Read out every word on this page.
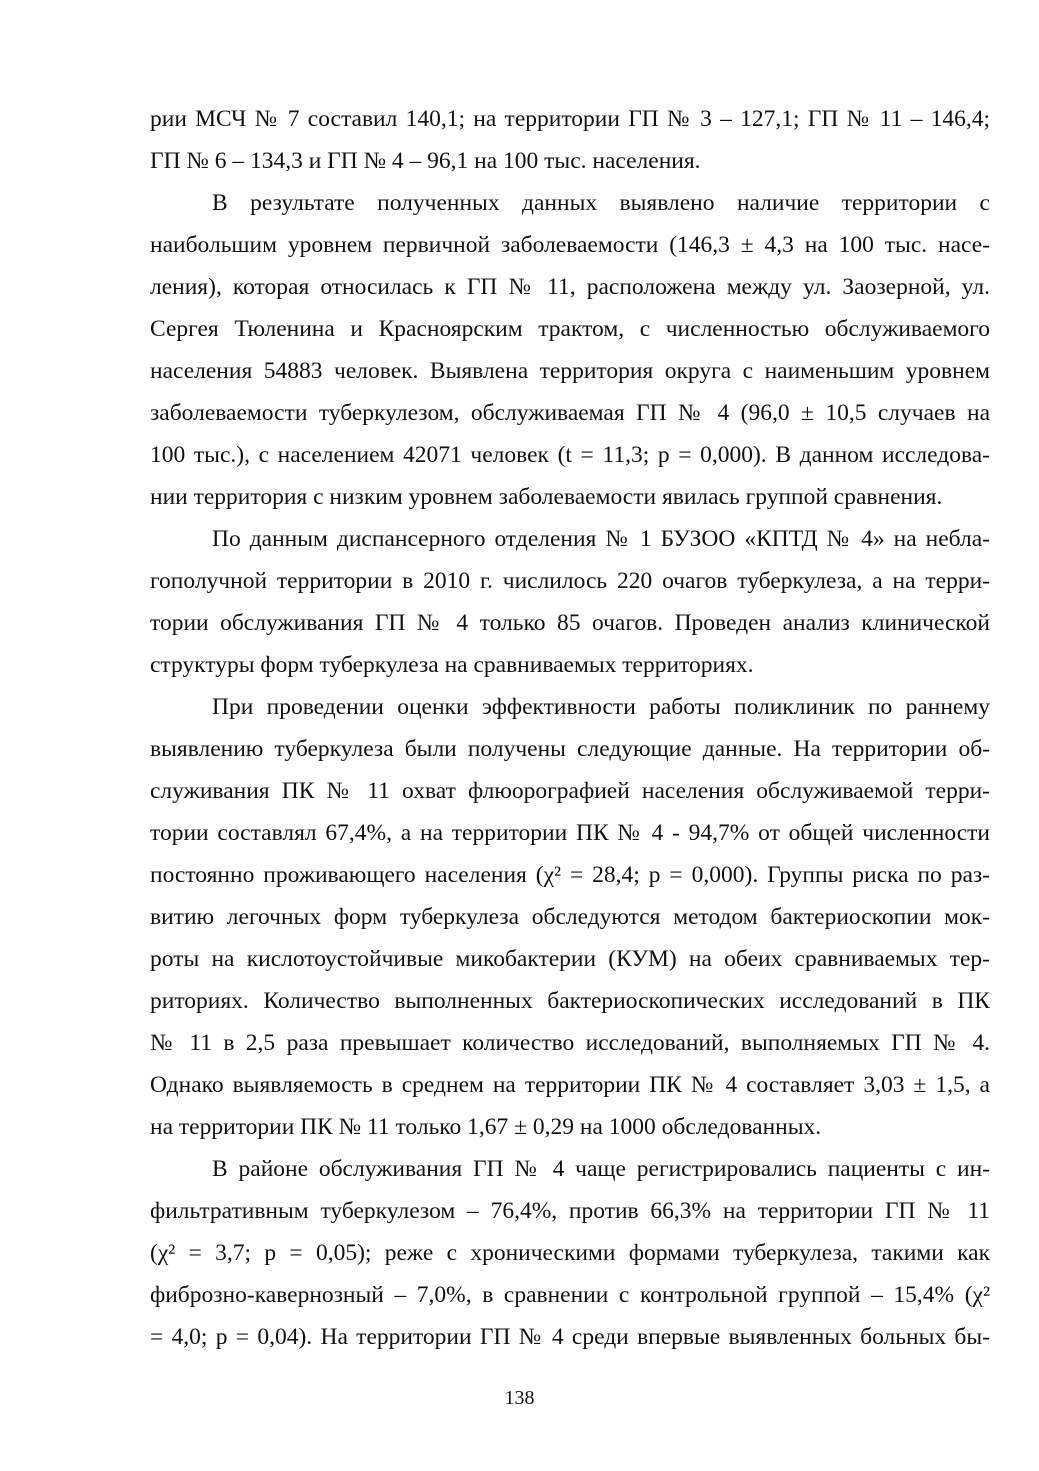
рии МСЧ № 7 составил 140,1; на территории ГП № 3 – 127,1; ГП № 11 – 146,4;
ГП № 6 – 134,3 и ГП № 4 – 96,1 на 100 тыс. населения.
В результате полученных данных выявлено наличие территории с
наибольшим уровнем первичной заболеваемости (146,3 ± 4,3 на 100 тыс. насе-
ления), которая относилась к ГП № 11, расположена между ул. Заозерной, ул.
Сергея Тюленина и Красноярским трактом, с численностью обслуживаемого
населения 54883 человек. Выявлена территория округа с наименьшим уровнем
заболеваемости туберкулезом, обслуживаемая ГП № 4 (96,0 ± 10,5 случаев на
100 тыс.), с населением 42071 человек (t = 11,3; p = 0,000). В данном исследова-
нии территория с низким уровнем заболеваемости явилась группой сравнения.
По данным диспансерного отделения № 1 БУЗОО «КПТД № 4» на небла-
гополучной территории в 2010 г. числилось 220 очагов туберкулеза, а на терри-
тории обслуживания ГП № 4 только 85 очагов. Проведен анализ клинической
структуры форм туберкулеза на сравниваемых территориях.
При проведении оценки эффективности работы поликлиник по раннему
выявлению туберкулеза были получены следующие данные. На территории об-
служивания ПК № 11 охват флюорографией населения обслуживаемой терри-
тории составлял 67,4%, а на территории ПК № 4 - 94,7% от общей численности
постоянно проживающего населения (χ² = 28,4; p = 0,000). Группы риска по раз-
витию легочных форм туберкулеза обследуются методом бактериоскопии мок-
роты на кислотоустойчивые микобактерии (КУМ) на обеих сравниваемых тер-
риториях. Количество выполненных бактериоскопических исследований в ПК
№ 11 в 2,5 раза превышает количество исследований, выполняемых ГП № 4.
Однако выявляемость в среднем на территории ПК № 4 составляет 3,03 ± 1,5, а
на территории ПК № 11 только 1,67 ± 0,29 на 1000 обследованных.
В районе обслуживания ГП № 4 чаще регистрировались пациенты с ин-
фильтративным туберкулезом – 76,4%, против 66,3% на территории ГП № 11
(χ² = 3,7; p = 0,05); реже с хроническими формами туберкулеза, такими как
фиброзно-кавернозный – 7,0%, в сравнении с контрольной группой – 15,4% (χ²
= 4,0; p = 0,04). На территории ГП № 4 среди впервые выявленных больных бы-
138
